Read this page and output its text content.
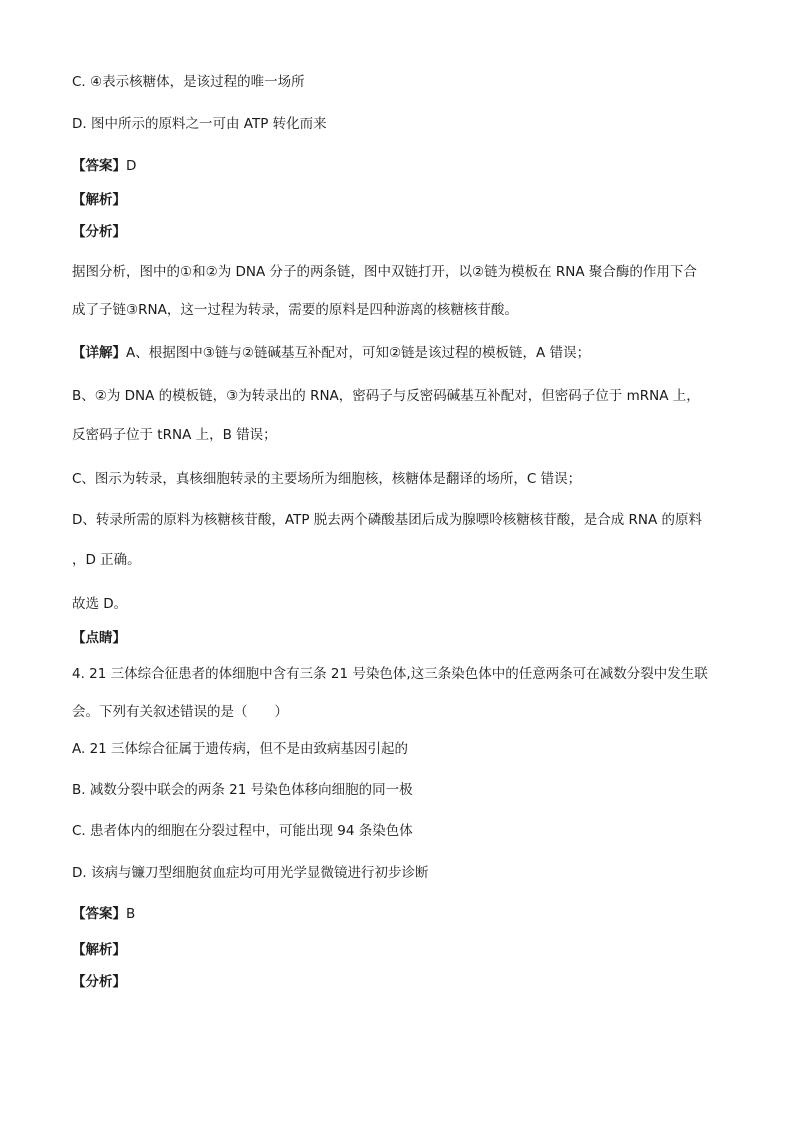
C. ④表示核糖体，是该过程的唯一场所
D. 图中所示的原料之一可由 ATP 转化而来
【答案】D
【解析】
【分析】
据图分析，图中的①和②为 DNA 分子的两条链，图中双链打开，以②链为模板在 RNA 聚合酶的作用下合
成了子链③RNA，这一过程为转录，需要的原料是四种游离的核糖核苷酸。
【详解】A、根据图中③链与②链碱基互补配对，可知②链是该过程的模板链，A 错误；
B、②为 DNA 的模板链，③为转录出的 RNA，密码子与反密码碱基互补配对，但密码子位于 mRNA 上，
反密码子位于 tRNA 上，B 错误；
C、图示为转录，真核细胞转录的主要场所为细胞核，核糖体是翻译的场所，C 错误；
D、转录所需的原料为核糖核苷酸，ATP 脱去两个磷酸基团后成为腺嘌呤核糖核苷酸，是合成 RNA 的原料
，D 正确。
故选 D。
【点睛】
4. 21 三体综合征患者的体细胞中含有三条 21 号染色体,这三条染色体中的任意两条可在减数分裂中发生联
会。下列有关叙述错误的是（　　）
A. 21 三体综合征属于遗传病，但不是由致病基因引起的
B. 减数分裂中联会的两条 21 号染色体移向细胞的同一极
C. 患者体内的细胞在分裂过程中，可能出现 94 条染色体
D. 该病与镰刀型细胞贫血症均可用光学显微镜进行初步诊断
【答案】B
【解析】
【分析】
